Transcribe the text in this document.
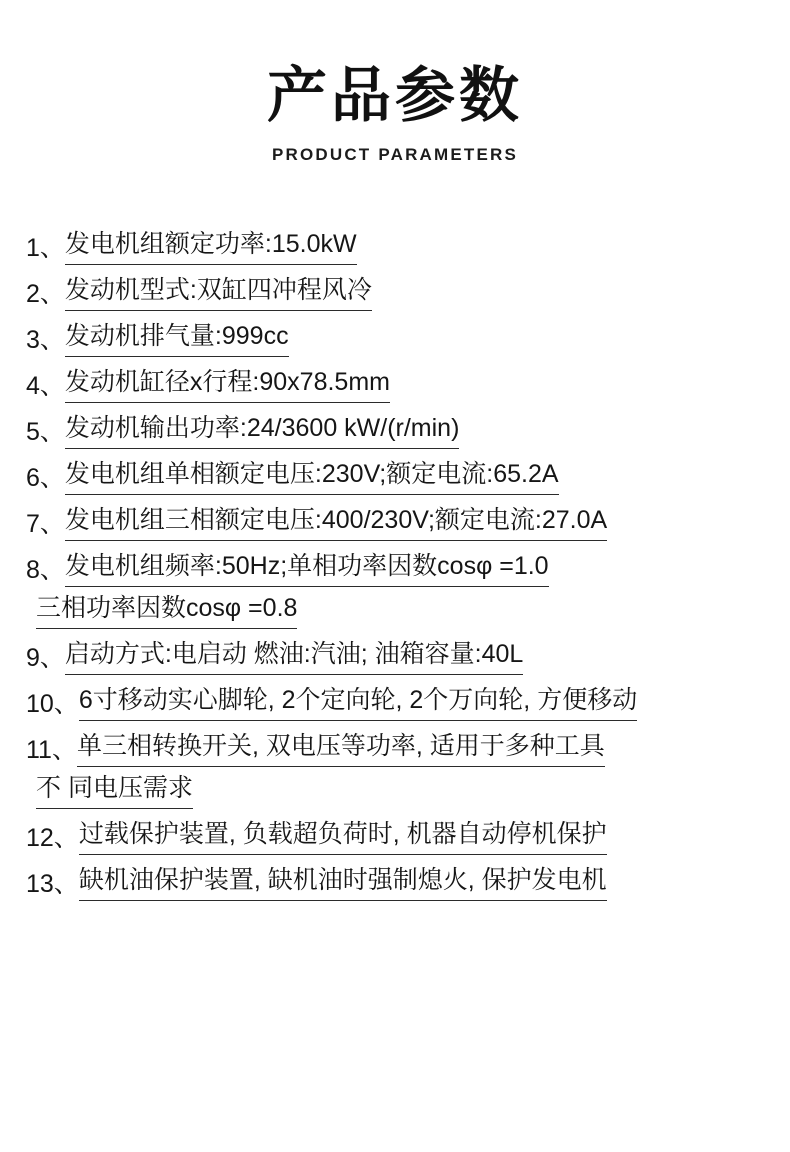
产品参数
PRODUCT PARAMETERS
1、 发电机组额定功率:15.0kW
2、 发动机型式:双缸四冲程风冷
3、 发动机排气量:999cc
4、 发动机缸径x行程:90x78.5mm
5、 发动机输出功率:24/3600 kW/(r/min)
6、 发电机组单相额定电压:230V;额定电流:65.2A
7、 发电机组三相额定电压:400/230V;额定电流:27.0A
8、 发电机组频率:50Hz;单相功率因数cosφ =1.0
三相功率因数cosφ =0.8
9、 启动方式:电启动 燃油:汽油; 油箱容量:40L
10、 6寸移动实心脚轮, 2个定向轮, 2个万向轮, 方便移动
11、 单三相转换开关, 双电压等功率, 适用于多种工具
不 同电压需求
12、 过载保护装置, 负载超负荷时, 机器自动停机保护
13、 缺机油保护装置, 缺机油时强制熄火, 保护发电机
